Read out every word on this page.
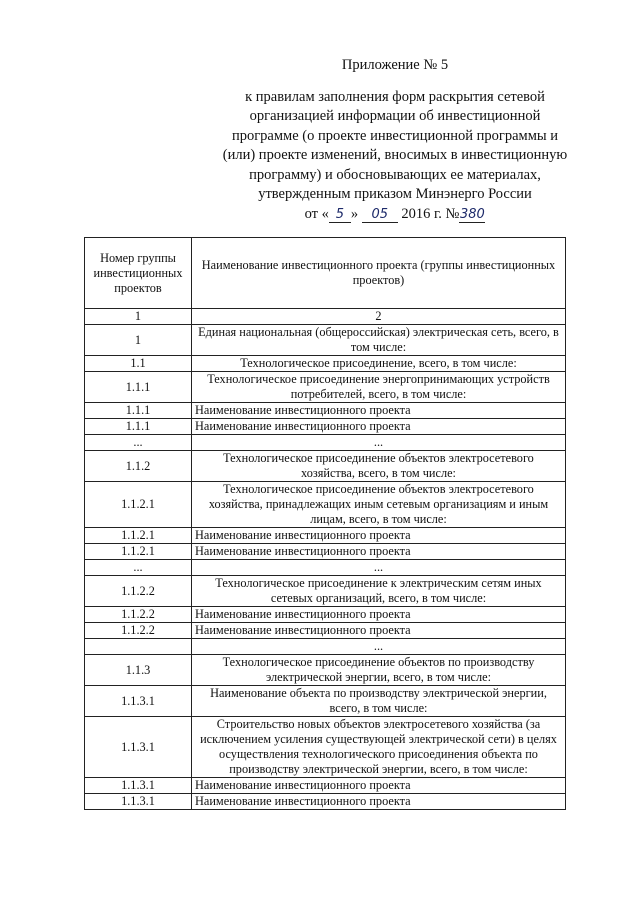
Приложение № 5
к правилам заполнения форм раскрытия сетевой
организацией информации об инвестиционной
программе (о проекте инвестиционной программы и
(или) проекте изменений, вносимых в инвестиционную
программу) и обосновывающих ее материалах,
утвержденным приказом Минэнерго России
от « 5 » 05 2016 г. №380
Номер группы инвестиционных проектов	Наименование инвестиционного проекта (группы инвестиционных проектов)
1	2
1	Единая национальная (общероссийская) электрическая сеть, всего, в том числе:
1.1	Технологическое присоединение, всего, в том числе:
1.1.1	Технологическое присоединение энергопринимающих устройств потребителей, всего, в том числе:
1.1.1	Наименование инвестиционного проекта
1.1.1	Наименование инвестиционного проекта
...	...
1.1.2	Технологическое присоединение объектов электросетевого хозяйства, всего, в том числе:
1.1.2.1	Технологическое присоединение объектов электросетевого хозяйства, принадлежащих иным сетевым организациям и иным лицам, всего, в том числе:
1.1.2.1	Наименование инвестиционного проекта
1.1.2.1	Наименование инвестиционного проекта
...	...
1.1.2.2	Технологическое присоединение к электрическим сетям иных сетевых организаций, всего, в том числе:
1.1.2.2	Наименование инвестиционного проекта
1.1.2.2	Наименование инвестиционного проекта
	...
1.1.3	Технологическое присоединение объектов по производству электрической энергии, всего, в том числе:
1.1.3.1	Наименование объекта по производству электрической энергии, всего, в том числе:
1.1.3.1	Строительство новых объектов электросетевого хозяйства (за исключением усиления существующей электрической сети) в целях осуществления технологического присоединения объекта по производству электрической энергии, всего, в том числе:
1.1.3.1	Наименование инвестиционного проекта
1.1.3.1	Наименование инвестиционного проекта
